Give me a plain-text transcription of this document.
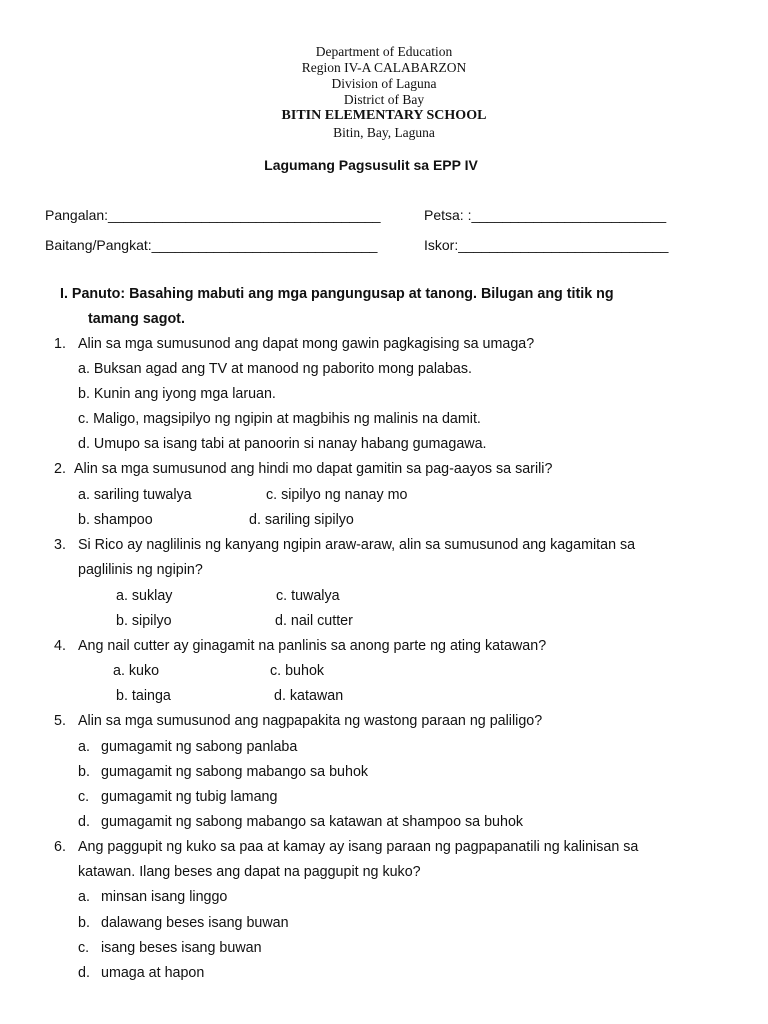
Department of Education
Region IV-A CALABARZON
Division of Laguna
District of Bay
BITIN ELEMENTARY SCHOOL
Bitin, Bay, Laguna
Lagumang Pagsusulit sa EPP IV
Pangalan:___________________________________	Petsa: :_________________________
Baitang/Pangkat:_____________________________	Iskor:___________________________
I. Panuto: Basahing mabuti ang mga pangungusap at tanong. Bilugan ang titik ng
tamang sagot.
1. Alin sa mga sumusunod ang dapat mong gawin pagkagising sa umaga?
a. Buksan agad ang TV at manood ng paborito mong palabas.
b. Kunin ang iyong mga laruan.
c. Maligo, magsipilyo ng ngipin at magbihis ng malinis na damit.
d. Umupo sa isang tabi at panoorin si nanay habang gumagawa.
2. Alin sa mga sumusunod ang hindi mo dapat gamitin sa pag-aayos sa sarili?
a. sariling tuwalya	c. sipilyo ng nanay mo
b. shampoo	d. sariling sipilyo
3. Si Rico ay naglilinis ng kanyang ngipin araw-araw, alin sa sumusunod ang kagamitan sa
paglilinis ng ngipin?
a. suklay	c. tuwalya
b. sipilyo	d. nail cutter
4. Ang nail cutter ay ginagamit na panlinis sa anong parte ng ating katawan?
a. kuko	c. buhok
b. tainga	d. katawan
5. Alin sa mga sumusunod ang nagpapakita ng wastong paraan ng paliligo?
a. gumagamit ng sabong panlaba
b. gumagamit ng sabong mabango sa buhok
c. gumagamit ng tubig lamang
d. gumagamit ng sabong mabango sa katawan at shampoo sa buhok
6. Ang paggupit ng kuko sa paa at kamay ay isang paraan ng pagpapanatili ng kalinisan sa
katawan. Ilang beses ang dapat na paggupit ng kuko?
a. minsan isang linggo
b. dalawang beses isang buwan
c. isang beses isang buwan
d. umaga at hapon
